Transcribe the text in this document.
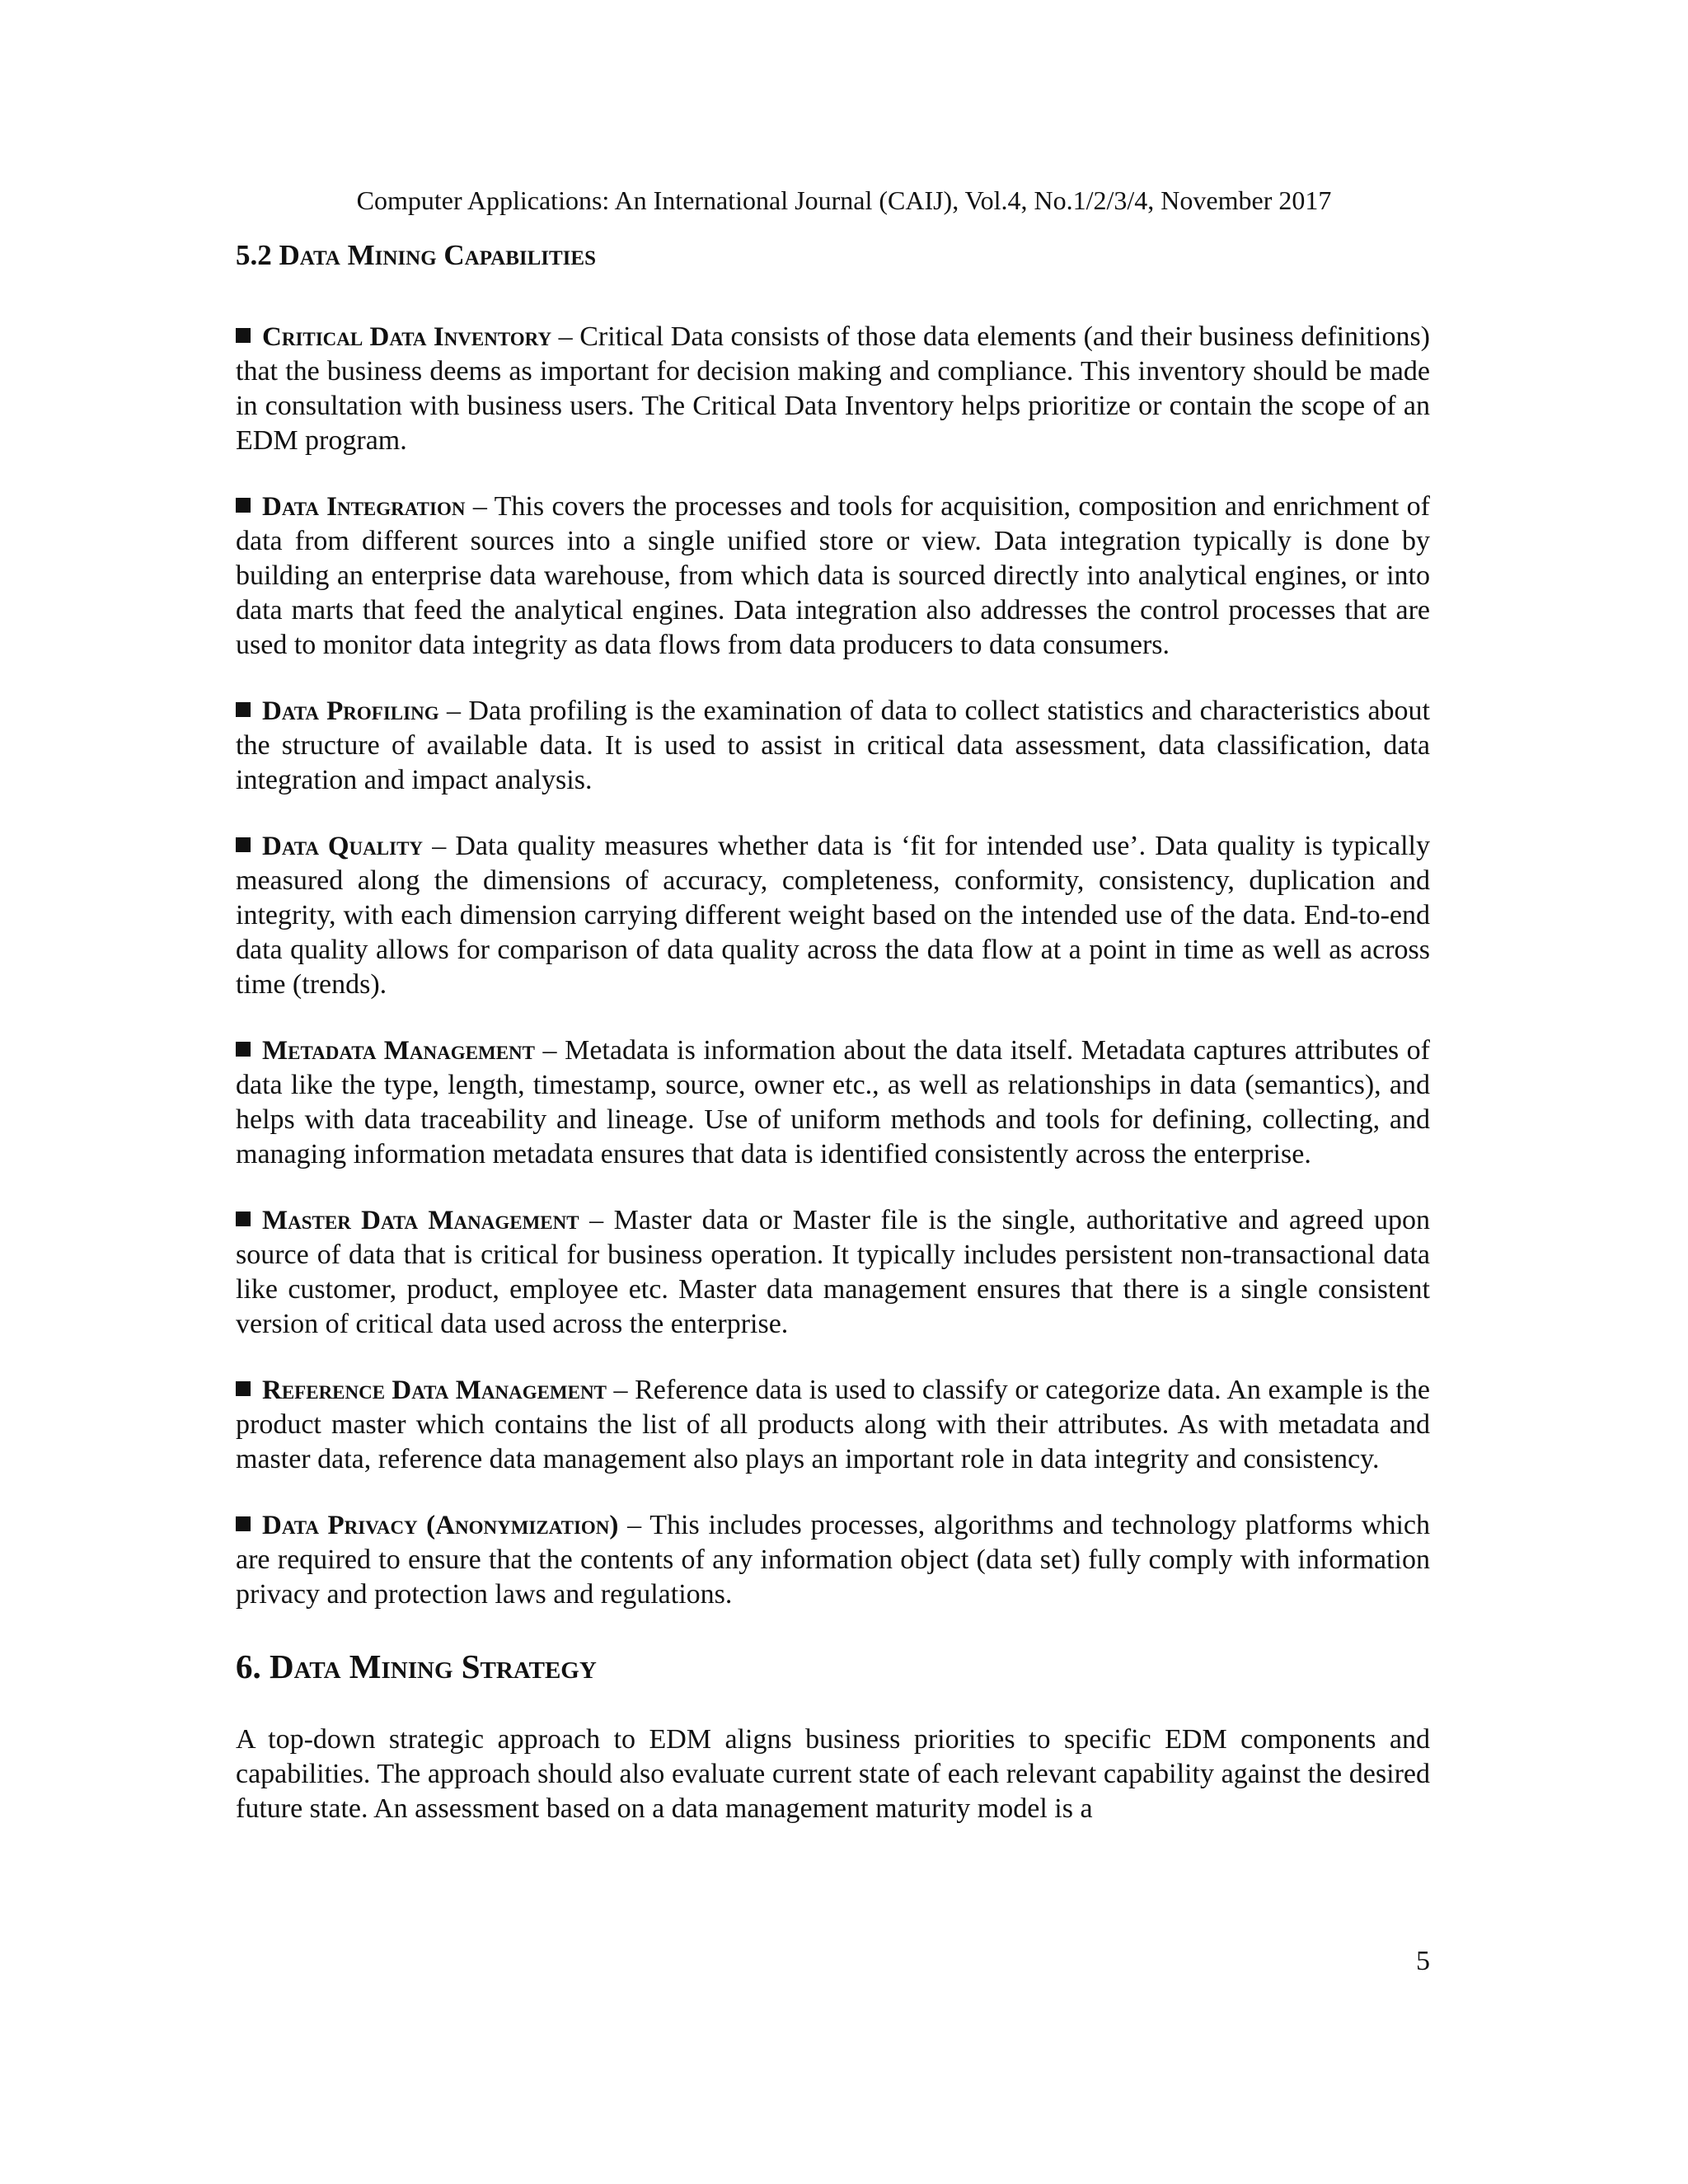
Computer Applications: An International Journal (CAIJ), Vol.4, No.1/2/3/4, November 2017
5.2 Data Mining Capabilities

Critical Data Inventory – Critical Data consists of those data elements (and their business definitions) that the business deems as important for decision making and compliance. This inventory should be made in consultation with business users. The Critical Data Inventory helps prioritize or contain the scope of an EDM program.

Data Integration – This covers the processes and tools for acquisition, composition and enrichment of data from different sources into a single unified store or view. Data integration typically is done by building an enterprise data warehouse, from which data is sourced directly into analytical engines, or into data marts that feed the analytical engines. Data integration also addresses the control processes that are used to monitor data integrity as data flows from data producers to data consumers.

Data Profiling – Data profiling is the examination of data to collect statistics and characteristics about the structure of available data. It is used to assist in critical data assessment, data classification, data integration and impact analysis.

Data Quality – Data quality measures whether data is ‘fit for intended use’. Data quality is typically measured along the dimensions of accuracy, completeness, conformity, consistency, duplication and integrity, with each dimension carrying different weight based on the intended use of the data. End-to-end data quality allows for comparison of data quality across the data flow at a point in time as well as across time (trends).

Metadata Management – Metadata is information about the data itself. Metadata captures attributes of data like the type, length, timestamp, source, owner etc., as well as relationships in data (semantics), and helps with data traceability and lineage. Use of uniform methods and tools for defining, collecting, and managing information metadata ensures that data is identified consistently across the enterprise.

Master Data Management – Master data or Master file is the single, authoritative and agreed upon source of data that is critical for business operation. It typically includes persistent non-transactional data like customer, product, employee etc. Master data management ensures that there is a single consistent version of critical data used across the enterprise.

Reference Data Management – Reference data is used to classify or categorize data. An example is the product master which contains the list of all products along with their attributes. As with metadata and master data, reference data management also plays an important role in data integrity and consistency.

Data Privacy (Anonymization) – This includes processes, algorithms and technology platforms which are required to ensure that the contents of any information object (data set) fully comply with information privacy and protection laws and regulations.

6. Data Mining Strategy

A top-down strategic approach to EDM aligns business priorities to specific EDM components and capabilities. The approach should also evaluate current state of each relevant capability against the desired future state. An assessment based on a data management maturity model is a

5
